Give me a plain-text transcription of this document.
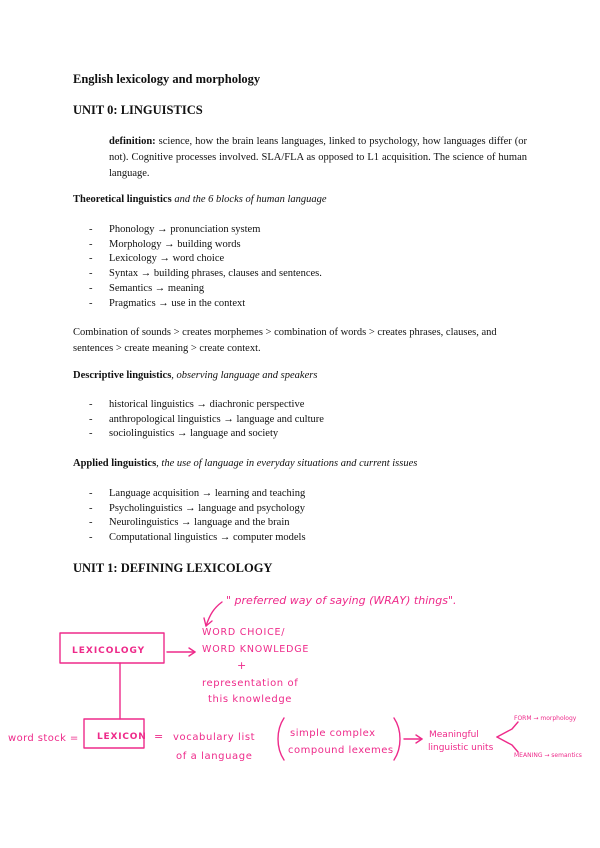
English lexicology and morphology
UNIT 0: LINGUISTICS
definition: science, how the brain leans languages, linked to psychology, how languages differ (or not). Cognitive processes involved. SLA/FLA as opposed to L1 acquisition. The science of human language.
Theoretical linguistics and the 6 blocks of human language
- Phonology → pronunciation system
- Morphology → building words
- Lexicology → word choice
- Syntax → building phrases, clauses and sentences.
- Semantics → meaning
- Pragmatics → use in the context
Combination of sounds > creates morphemes > combination of words > creates phrases, clauses, and sentences > create meaning > create context.
Descriptive linguistics, observing language and speakers
- historical linguistics → diachronic perspective
- anthropological linguistics → language and culture
- sociolinguistics → language and society
Applied linguistics, the use of language in everyday situations and current issues
- Language acquisition → learning and teaching
- Psycholinguistics → language and psychology
- Neurolinguistics → language and the brain
- Computational linguistics → computer models
UNIT 1: DEFINING LEXICOLOGY
" preferred way of saying (WRAY) things".
LEXICOLOGY
WORD CHOICE/
WORD KNOWLEDGE
+
representation of
this knowledge
word stock = LEXICON = vocabulary list
of a language
simple complex
compound lexemes
Meaningful
linguistic units
FORM → morphology
MEANING → semantics
